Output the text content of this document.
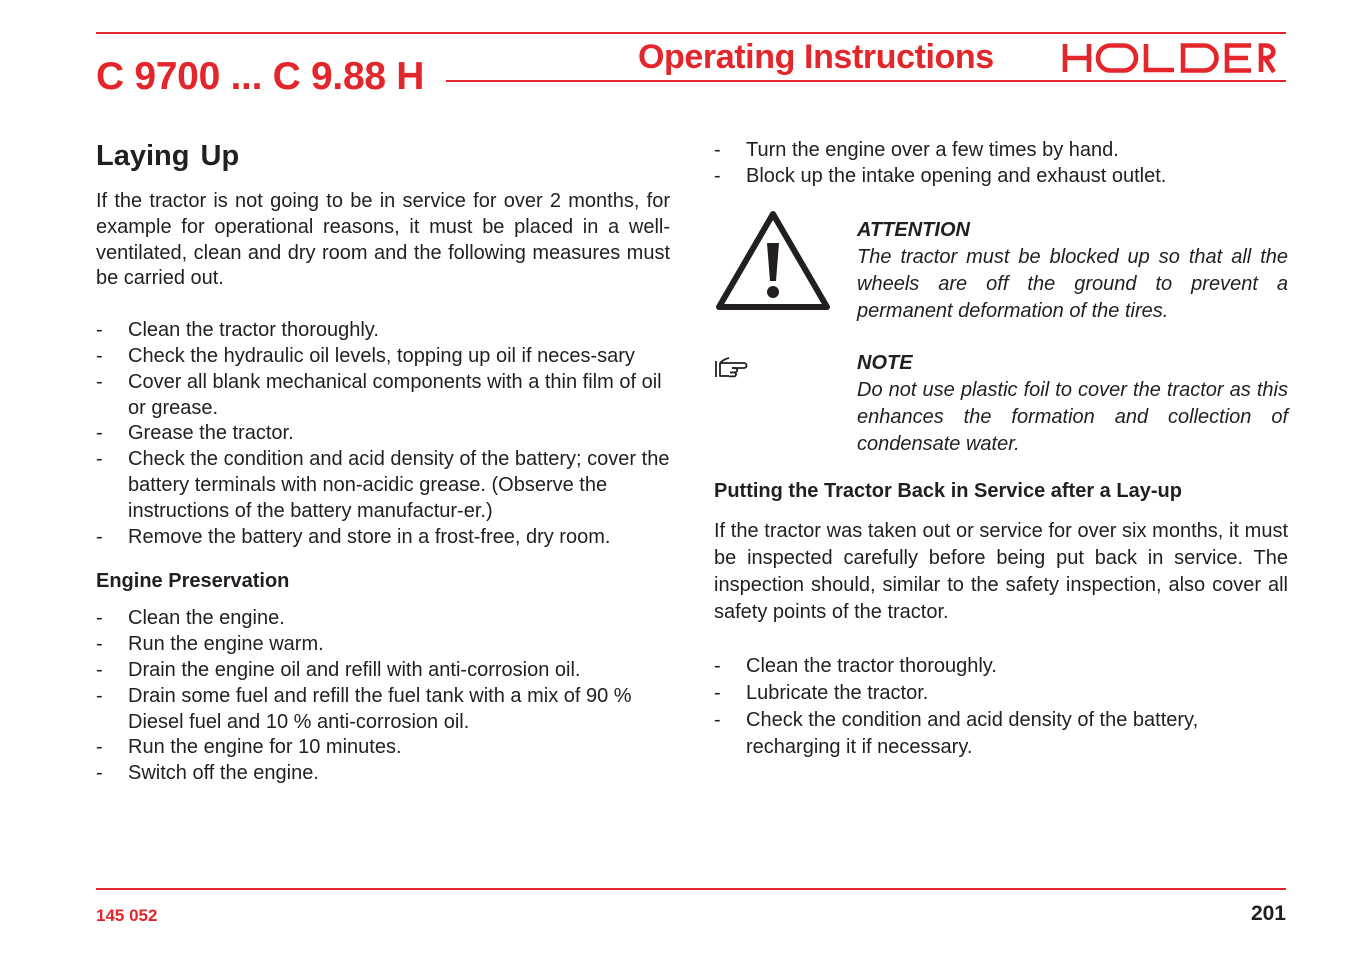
C 9700 ... C 9.88 H	Operating Instructions
Laying Up

If the tractor is not going to be in service for over 2 months, for example for operational reasons, it must be placed in a well-ventilated, clean and dry room and the following measures must be carried out.

- Clean the tractor thoroughly.
- Check the hydraulic oil levels, topping up oil if neces-sary
- Cover all blank mechanical components with a thin film of oil or grease.
- Grease the tractor.
- Check the condition and acid density of the battery; cover the battery terminals with non-acidic grease. (Observe the instructions of the battery manufactur-er.)
- Remove the battery and store in a frost-free, dry room.
Engine Preservation
- Clean the engine.
- Run the engine warm.
- Drain the engine oil and refill with anti-corrosion oil.
- Drain some fuel and refill the fuel tank with a mix of 90 % Diesel fuel and 10 % anti-corrosion oil.
- Run the engine for 10 minutes.
- Switch off the engine.
- Turn the engine over a few times by hand.
- Block up the intake opening and exhaust outlet.
ATTENTION
The tractor must be blocked up so that all the wheels are off the ground to prevent a permanent deformation of the tires.
NOTE
Do not use plastic foil to cover the tractor as this enhances the formation and collection of condensate water.
Putting the Tractor Back in Service after a Lay-up

If the tractor was taken out or service for over six months, it must be inspected carefully before being put back in service. The inspection should, similar to the safety inspection, also cover all safety points of the tractor.

- Clean the tractor thoroughly.
- Lubricate the tractor.
- Check the condition and acid density of the battery, recharging it if necessary.
145 052	201
